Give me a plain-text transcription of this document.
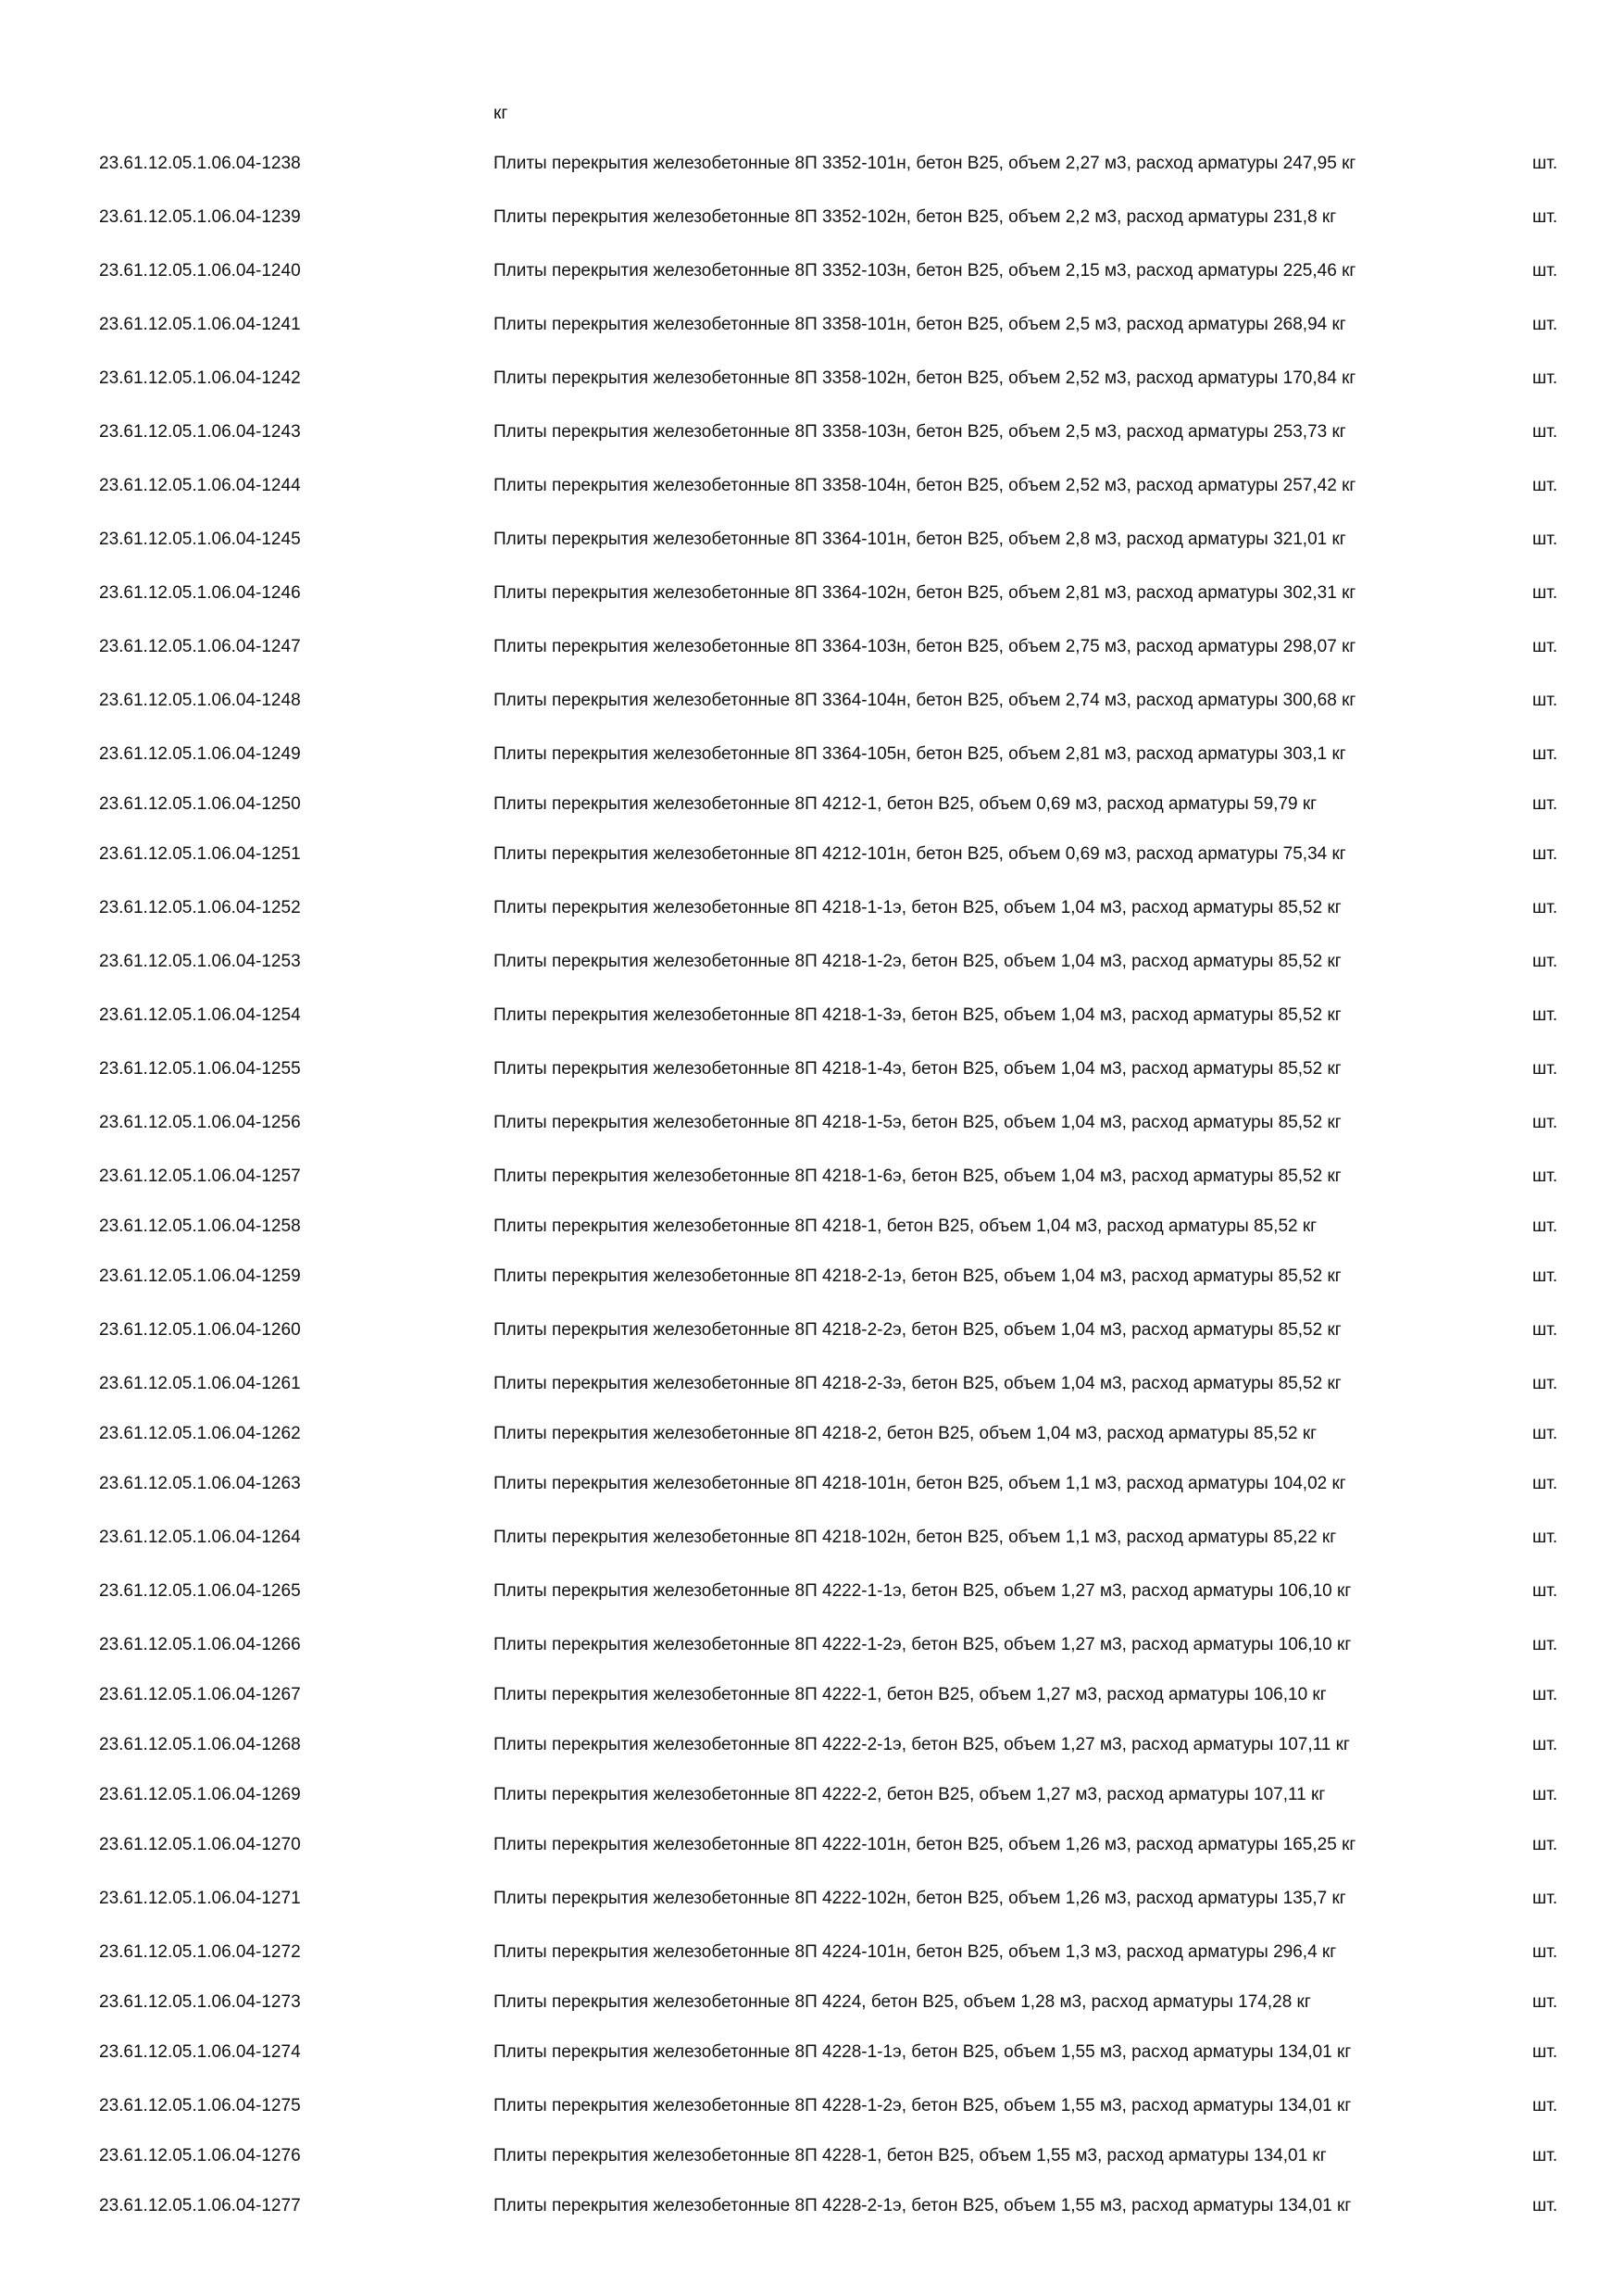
кг
23.61.12.05.1.06.04-1238	Плиты перекрытия железобетонные 8П 3352-101н, бетон B25, объем 2,27 м3, расход арматуры 247,95 кг	шт.
23.61.12.05.1.06.04-1239	Плиты перекрытия железобетонные 8П 3352-102н, бетон B25, объем 2,2 м3, расход арматуры 231,8 кг	шт.
23.61.12.05.1.06.04-1240	Плиты перекрытия железобетонные 8П 3352-103н, бетон B25, объем 2,15 м3, расход арматуры 225,46 кг	шт.
23.61.12.05.1.06.04-1241	Плиты перекрытия железобетонные 8П 3358-101н, бетон B25, объем 2,5 м3, расход арматуры 268,94 кг	шт.
23.61.12.05.1.06.04-1242	Плиты перекрытия железобетонные 8П 3358-102н, бетон B25, объем 2,52 м3, расход арматуры 170,84 кг	шт.
23.61.12.05.1.06.04-1243	Плиты перекрытия железобетонные 8П 3358-103н, бетон B25, объем 2,5 м3, расход арматуры 253,73 кг	шт.
23.61.12.05.1.06.04-1244	Плиты перекрытия железобетонные 8П 3358-104н, бетон B25, объем 2,52 м3, расход арматуры 257,42 кг	шт.
23.61.12.05.1.06.04-1245	Плиты перекрытия железобетонные 8П 3364-101н, бетон B25, объем 2,8 м3, расход арматуры 321,01 кг	шт.
23.61.12.05.1.06.04-1246	Плиты перекрытия железобетонные 8П 3364-102н, бетон B25, объем 2,81 м3, расход арматуры 302,31 кг	шт.
23.61.12.05.1.06.04-1247	Плиты перекрытия железобетонные 8П 3364-103н, бетон B25, объем 2,75 м3, расход арматуры 298,07 кг	шт.
23.61.12.05.1.06.04-1248	Плиты перекрытия железобетонные 8П 3364-104н, бетон B25, объем 2,74 м3, расход арматуры 300,68 кг	шт.
23.61.12.05.1.06.04-1249	Плиты перекрытия железобетонные 8П 3364-105н, бетон B25, объем 2,81 м3, расход арматуры 303,1 кг	шт.
23.61.12.05.1.06.04-1250	Плиты перекрытия железобетонные 8П 4212-1, бетон B25, объем 0,69 м3, расход арматуры 59,79 кг	шт.
23.61.12.05.1.06.04-1251	Плиты перекрытия железобетонные 8П 4212-101н, бетон B25, объем 0,69 м3, расход арматуры 75,34 кг	шт.
23.61.12.05.1.06.04-1252	Плиты перекрытия железобетонные 8П 4218-1-1э, бетон B25, объем 1,04 м3, расход арматуры 85,52 кг	шт.
23.61.12.05.1.06.04-1253	Плиты перекрытия железобетонные 8П 4218-1-2э, бетон B25, объем 1,04 м3, расход арматуры 85,52 кг	шт.
23.61.12.05.1.06.04-1254	Плиты перекрытия железобетонные 8П 4218-1-3э, бетон B25, объем 1,04 м3, расход арматуры 85,52 кг	шт.
23.61.12.05.1.06.04-1255	Плиты перекрытия железобетонные 8П 4218-1-4э, бетон B25, объем 1,04 м3, расход арматуры 85,52 кг	шт.
23.61.12.05.1.06.04-1256	Плиты перекрытия железобетонные 8П 4218-1-5э, бетон B25, объем 1,04 м3, расход арматуры 85,52 кг	шт.
23.61.12.05.1.06.04-1257	Плиты перекрытия железобетонные 8П 4218-1-6э, бетон B25, объем 1,04 м3, расход арматуры 85,52 кг	шт.
23.61.12.05.1.06.04-1258	Плиты перекрытия железобетонные 8П 4218-1, бетон B25, объем 1,04 м3, расход арматуры 85,52 кг	шт.
23.61.12.05.1.06.04-1259	Плиты перекрытия железобетонные 8П 4218-2-1э, бетон B25, объем 1,04 м3, расход арматуры 85,52 кг	шт.
23.61.12.05.1.06.04-1260	Плиты перекрытия железобетонные 8П 4218-2-2э, бетон B25, объем 1,04 м3, расход арматуры 85,52 кг	шт.
23.61.12.05.1.06.04-1261	Плиты перекрытия железобетонные 8П 4218-2-3э, бетон B25, объем 1,04 м3, расход арматуры 85,52 кг	шт.
23.61.12.05.1.06.04-1262	Плиты перекрытия железобетонные 8П 4218-2, бетон B25, объем 1,04 м3, расход арматуры 85,52 кг	шт.
23.61.12.05.1.06.04-1263	Плиты перекрытия железобетонные 8П 4218-101н, бетон B25, объем 1,1 м3, расход арматуры 104,02 кг	шт.
23.61.12.05.1.06.04-1264	Плиты перекрытия железобетонные 8П 4218-102н, бетон B25, объем 1,1 м3, расход арматуры 85,22 кг	шт.
23.61.12.05.1.06.04-1265	Плиты перекрытия железобетонные 8П 4222-1-1э, бетон B25, объем 1,27 м3, расход арматуры 106,10 кг	шт.
23.61.12.05.1.06.04-1266	Плиты перекрытия железобетонные 8П 4222-1-2э, бетон B25, объем 1,27 м3, расход арматуры 106,10 кг	шт.
23.61.12.05.1.06.04-1267	Плиты перекрытия железобетонные 8П 4222-1, бетон B25, объем 1,27 м3, расход арматуры 106,10 кг	шт.
23.61.12.05.1.06.04-1268	Плиты перекрытия железобетонные 8П 4222-2-1э, бетон B25, объем 1,27 м3, расход арматуры 107,11 кг	шт.
23.61.12.05.1.06.04-1269	Плиты перекрытия железобетонные 8П 4222-2, бетон B25, объем 1,27 м3, расход арматуры 107,11 кг	шт.
23.61.12.05.1.06.04-1270	Плиты перекрытия железобетонные 8П 4222-101н, бетон B25, объем 1,26 м3, расход арматуры 165,25 кг	шт.
23.61.12.05.1.06.04-1271	Плиты перекрытия железобетонные 8П 4222-102н, бетон B25, объем 1,26 м3, расход арматуры 135,7 кг	шт.
23.61.12.05.1.06.04-1272	Плиты перекрытия железобетонные 8П 4224-101н, бетон B25, объем 1,3 м3, расход арматуры 296,4 кг	шт.
23.61.12.05.1.06.04-1273	Плиты перекрытия железобетонные 8П 4224, бетон B25, объем 1,28 м3, расход арматуры 174,28 кг	шт.
23.61.12.05.1.06.04-1274	Плиты перекрытия железобетонные 8П 4228-1-1э, бетон B25, объем 1,55 м3, расход арматуры 134,01 кг	шт.
23.61.12.05.1.06.04-1275	Плиты перекрытия железобетонные 8П 4228-1-2э, бетон B25, объем 1,55 м3, расход арматуры 134,01 кг	шт.
23.61.12.05.1.06.04-1276	Плиты перекрытия железобетонные 8П 4228-1, бетон B25, объем 1,55 м3, расход арматуры 134,01 кг	шт.
23.61.12.05.1.06.04-1277	Плиты перекрытия железобетонные 8П 4228-2-1э, бетон B25, объем 1,55 м3, расход арматуры 134,01 кг	шт.
